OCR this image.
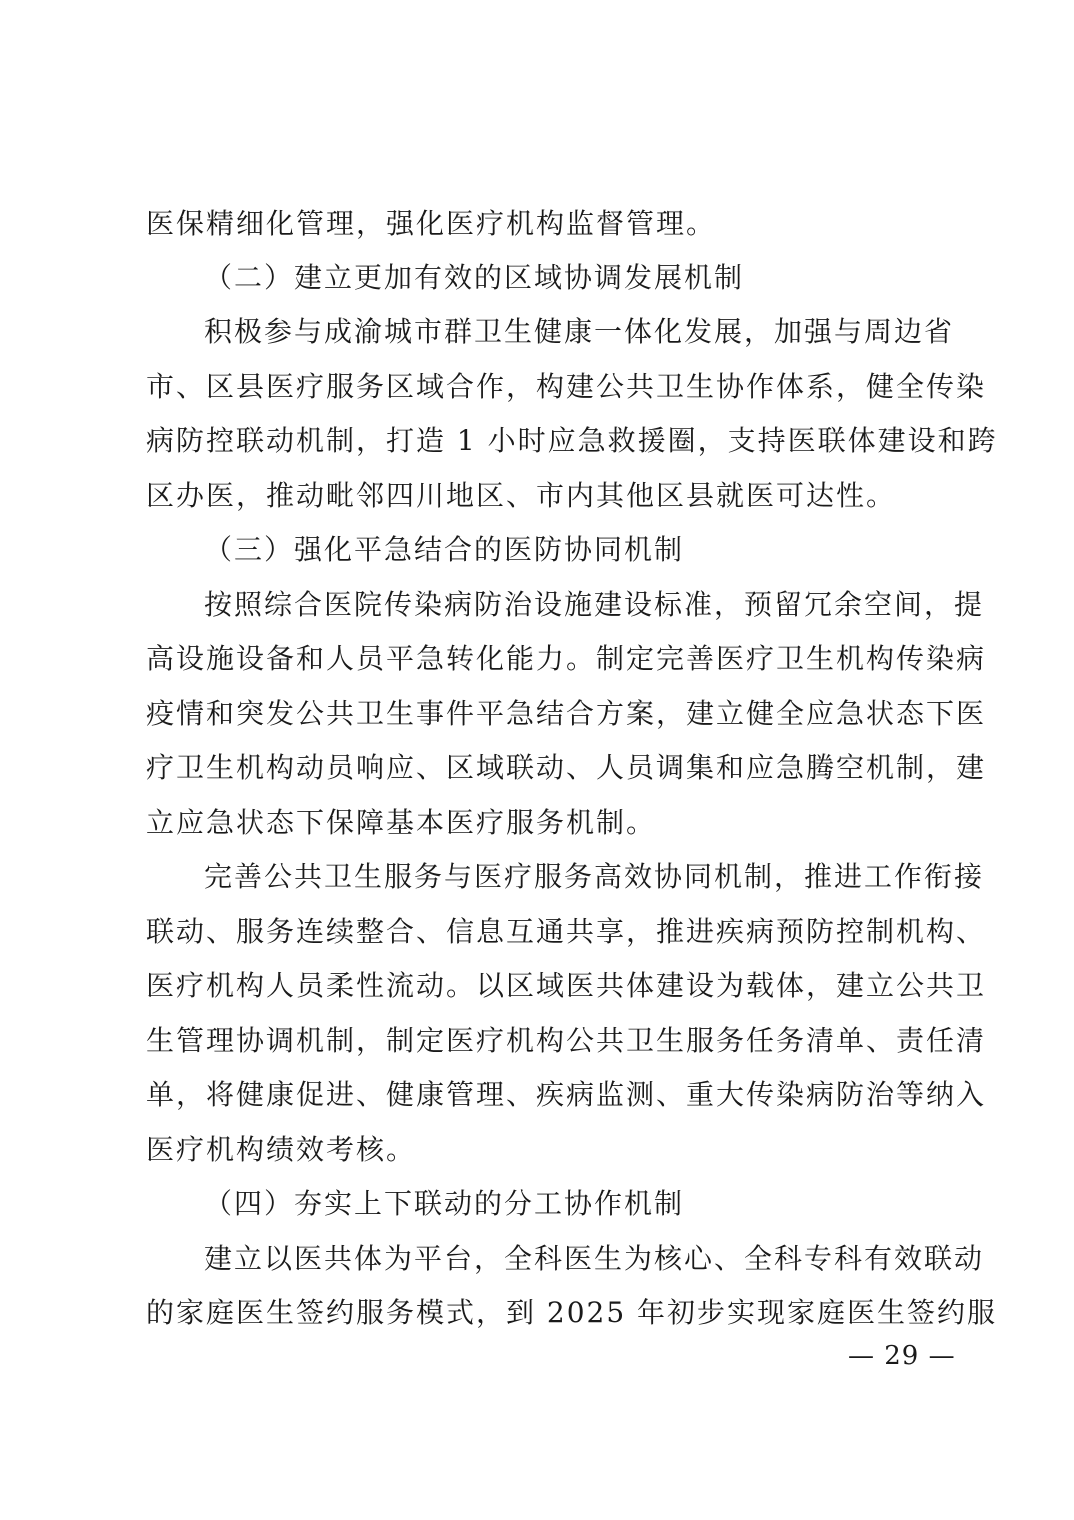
医保精细化管理，强化医疗机构监督管理。
（二）建立更加有效的区域协调发展机制
积极参与成渝城市群卫生健康一体化发展，加强与周边省
市、区县医疗服务区域合作，构建公共卫生协作体系，健全传染
病防控联动机制，打造 1 小时应急救援圈，支持医联体建设和跨
区办医，推动毗邻四川地区、市内其他区县就医可达性。
（三）强化平急结合的医防协同机制
按照综合医院传染病防治设施建设标准，预留冗余空间，提
高设施设备和人员平急转化能力。制定完善医疗卫生机构传染病
疫情和突发公共卫生事件平急结合方案，建立健全应急状态下医
疗卫生机构动员响应、区域联动、人员调集和应急腾空机制，建
立应急状态下保障基本医疗服务机制。
完善公共卫生服务与医疗服务高效协同机制，推进工作衔接
联动、服务连续整合、信息互通共享，推进疾病预防控制机构、
医疗机构人员柔性流动。以区域医共体建设为载体，建立公共卫
生管理协调机制，制定医疗机构公共卫生服务任务清单、责任清
单，将健康促进、健康管理、疾病监测、重大传染病防治等纳入
医疗机构绩效考核。
（四）夯实上下联动的分工协作机制
建立以医共体为平台，全科医生为核心、全科专科有效联动
的家庭医生签约服务模式，到 2025 年初步实现家庭医生签约服
— 29 —
